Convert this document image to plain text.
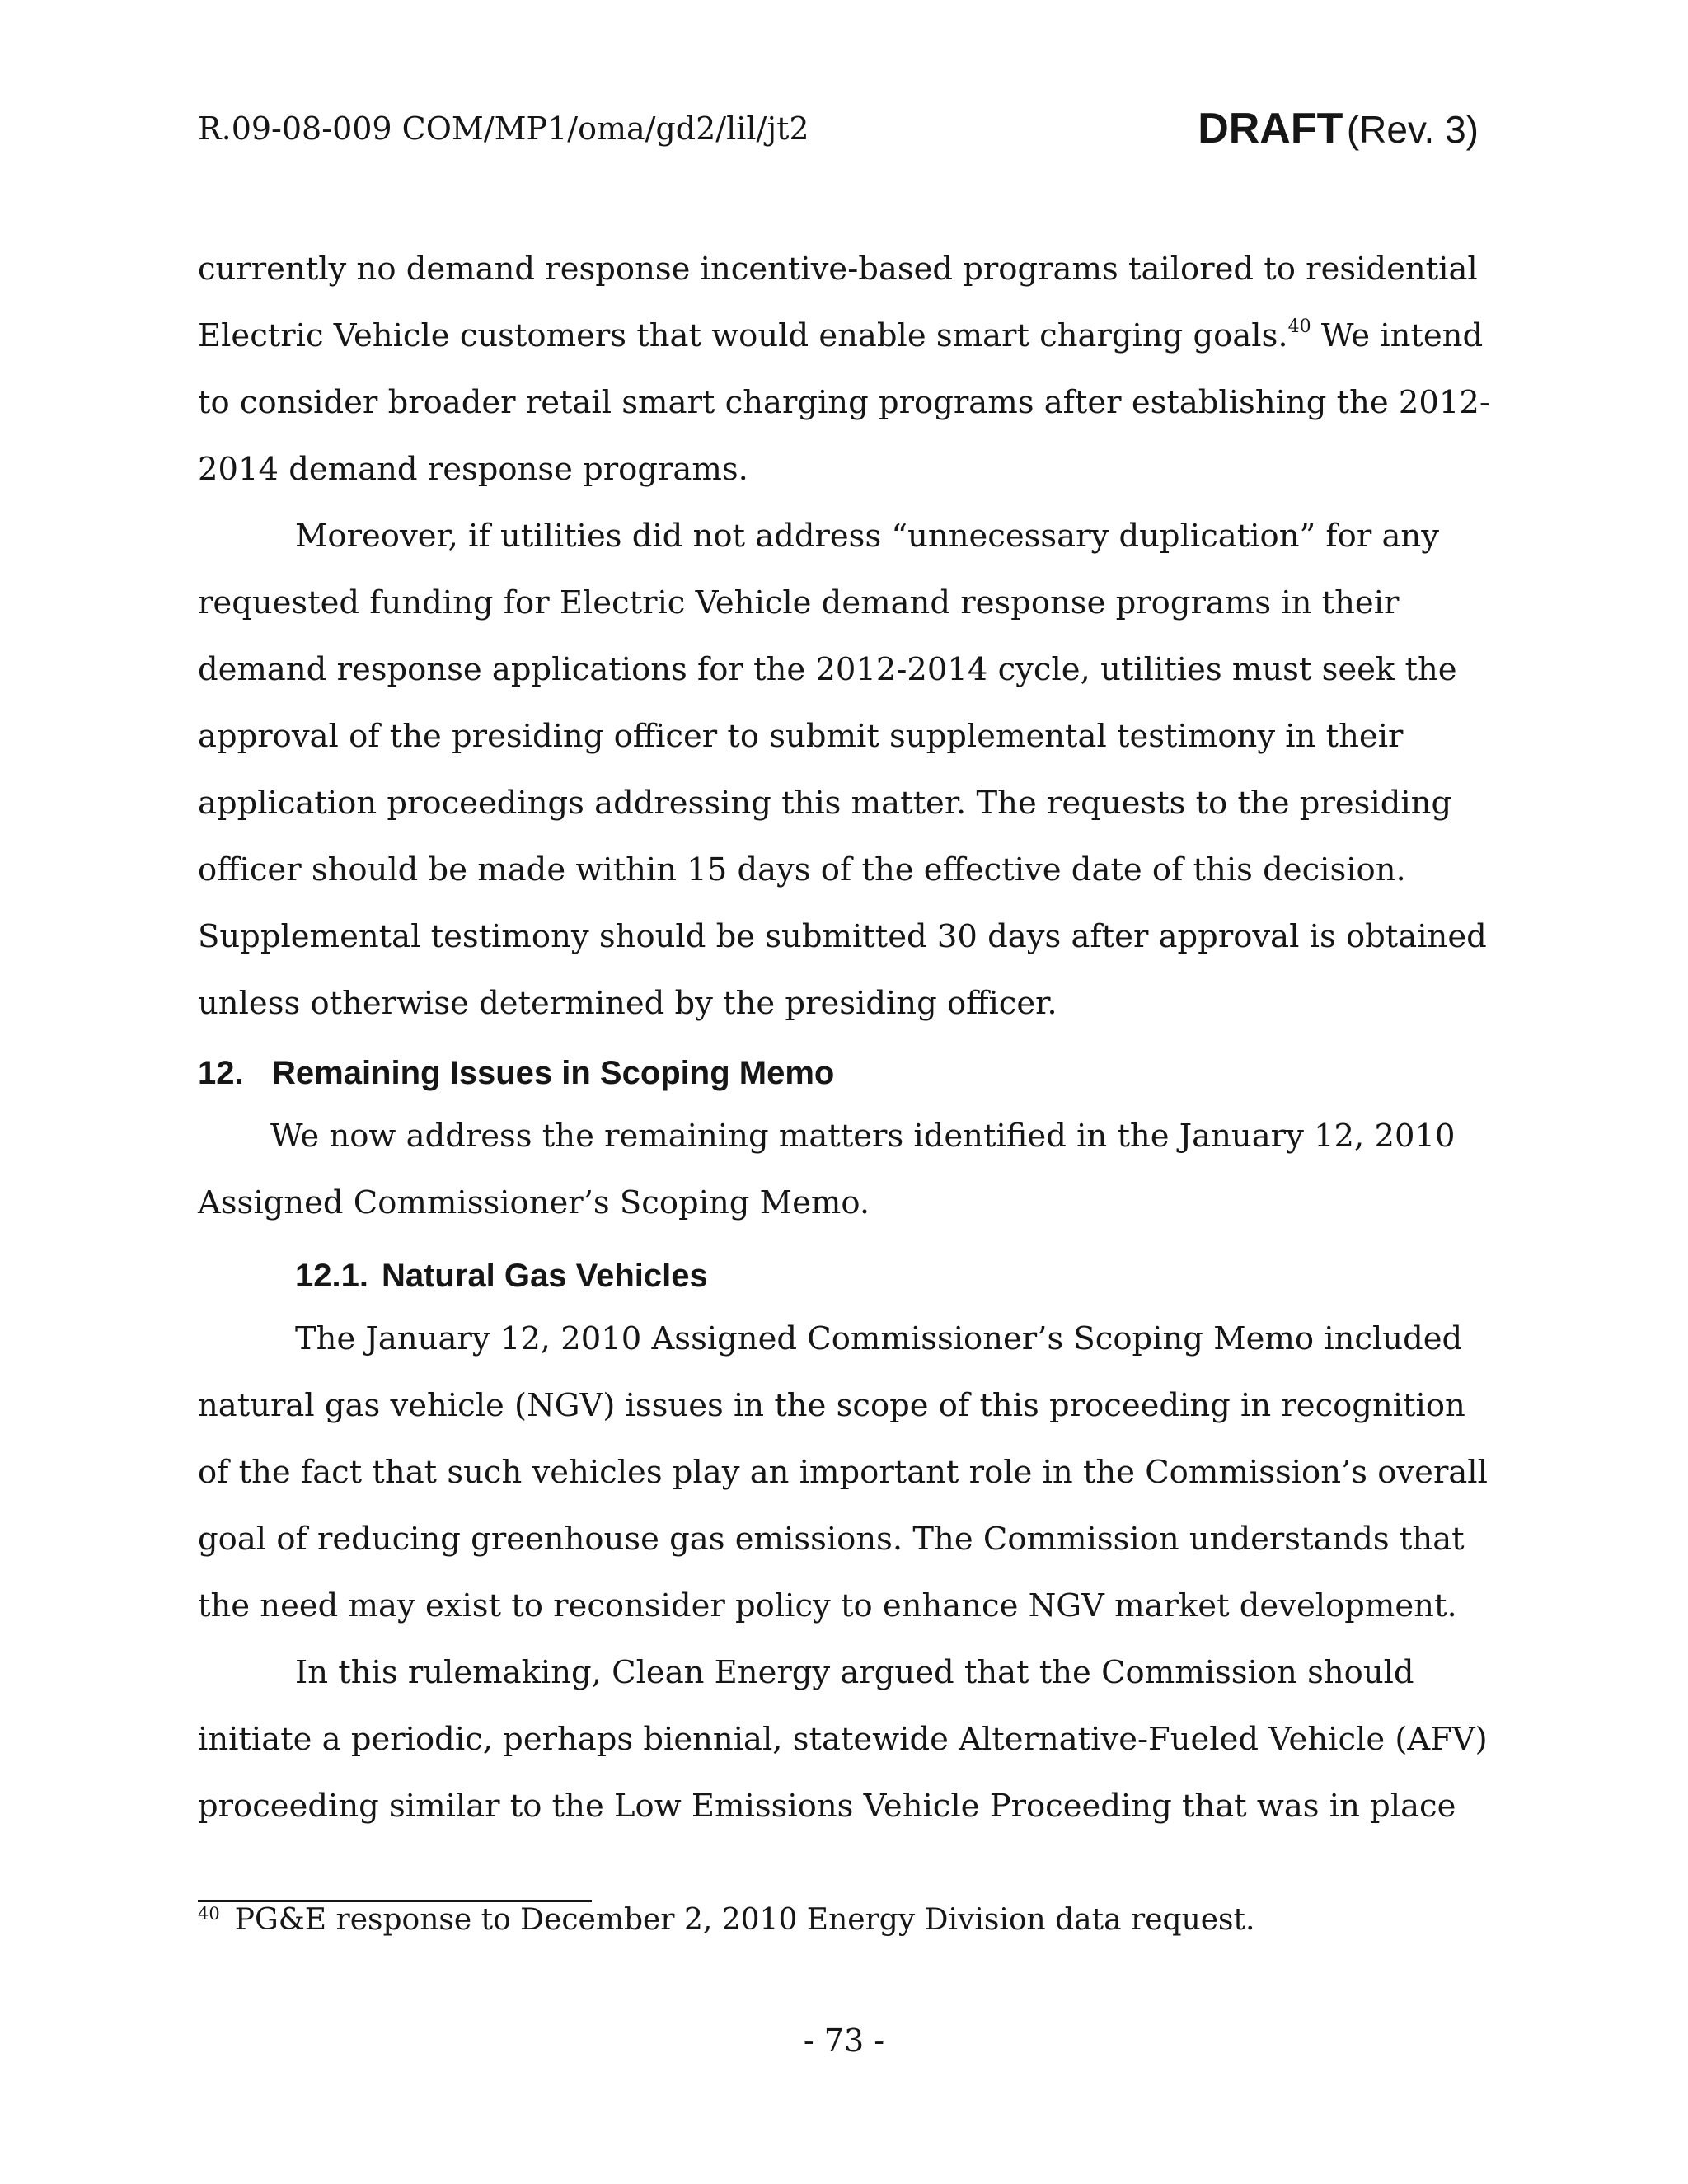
R.09-08-009 COM/MP1/oma/gd2/lil/jt2	DRAFT (Rev. 3)

currently no demand response incentive-based programs tailored to residential Electric Vehicle customers that would enable smart charging goals.$^{40}$ We intend to consider broader retail smart charging programs after establishing the 2012-2014 demand response programs.

Moreover, if utilities did not address “unnecessary duplication” for any requested funding for Electric Vehicle demand response programs in their demand response applications for the 2012-2014 cycle, utilities must seek the approval of the presiding officer to submit supplemental testimony in their application proceedings addressing this matter. The requests to the presiding officer should be made within 15 days of the effective date of this decision. Supplemental testimony should be submitted 30 days after approval is obtained unless otherwise determined by the presiding officer.

12. Remaining Issues in Scoping Memo

We now address the remaining matters identified in the January 12, 2010 Assigned Commissioner’s Scoping Memo.

12.1. Natural Gas Vehicles

The January 12, 2010 Assigned Commissioner’s Scoping Memo included natural gas vehicle (NGV) issues in the scope of this proceeding in recognition of the fact that such vehicles play an important role in the Commission’s overall goal of reducing greenhouse gas emissions. The Commission understands that the need may exist to reconsider policy to enhance NGV market development.

In this rulemaking, Clean Energy argued that the Commission should initiate a periodic, perhaps biennial, statewide Alternative-Fueled Vehicle (AFV) proceeding similar to the Low Emissions Vehicle Proceeding that was in place

$^{40}$ PG&E response to December 2, 2010 Energy Division data request.
- 73 -
